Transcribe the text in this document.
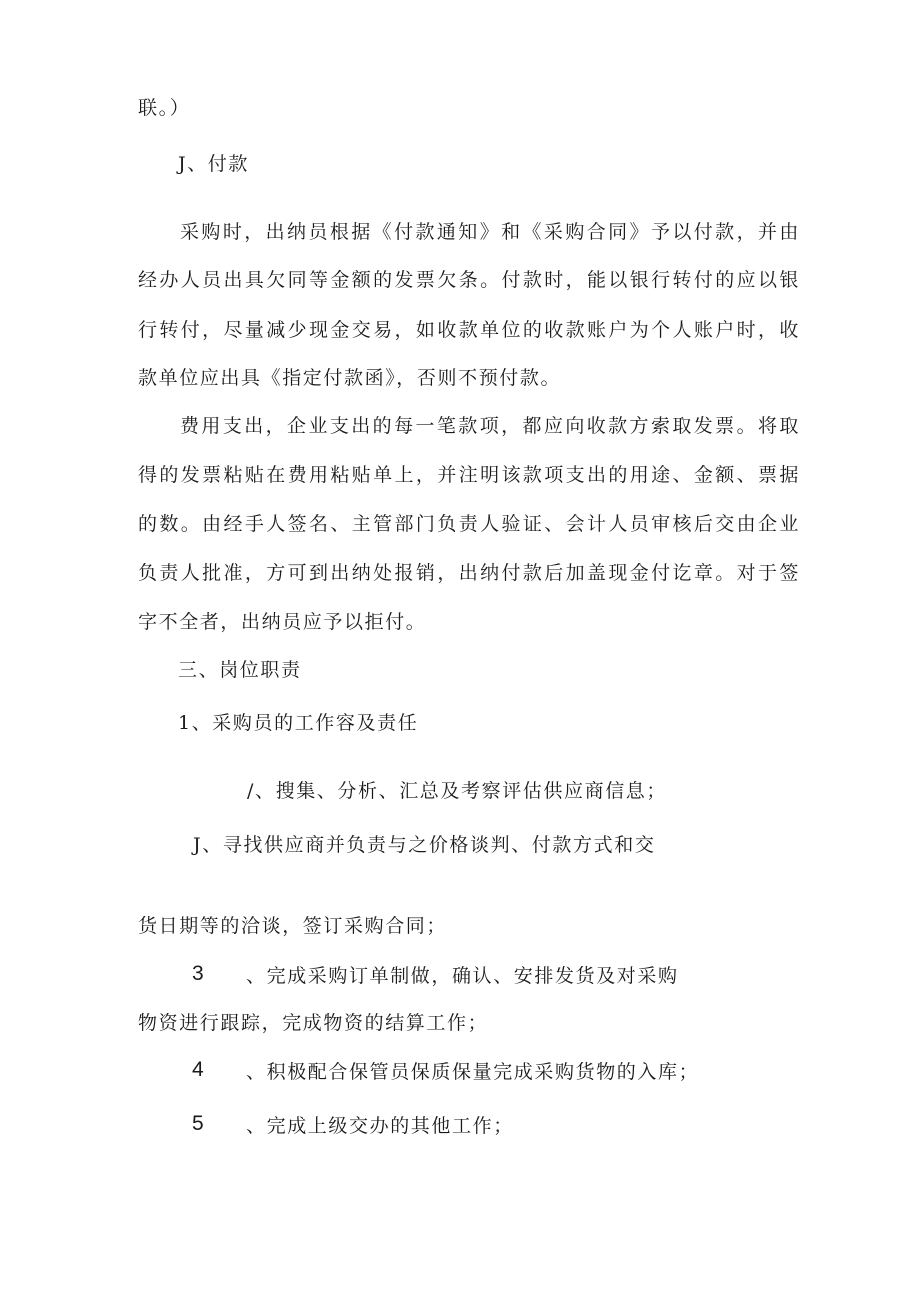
联。）
J、付款
采购时，出纳员根据《付款通知》和《采购合同》予以付款，并由
经办人员出具欠同等金额的发票欠条。付款时，能以银行转付的应以银
行转付，尽量减少现金交易，如收款单位的收款账户为个人账户时，收
款单位应出具《指定付款函》，否则不预付款。
费用支出，企业支出的每一笔款项，都应向收款方索取发票。将取
得的发票粘贴在费用粘贴单上，并注明该款项支出的用途、金额、票据
的数。由经手人签名、主管部门负责人验证、会计人员审核后交由企业
负责人批准，方可到出纳处报销，出纳付款后加盖现金付讫章。对于签
字不全者，出纳员应予以拒付。
三、岗位职责
1、采购员的工作容及责任
/、搜集、分析、汇总及考察评估供应商信息；
J、寻找供应商并负责与之价格谈判、付款方式和交
货日期等的洽谈，签订采购合同；
3 、完成采购订单制做，确认、安排发货及对采购
物资进行跟踪，完成物资的结算工作；
4 、积极配合保管员保质保量完成采购货物的入库；
5 、完成上级交办的其他工作；
